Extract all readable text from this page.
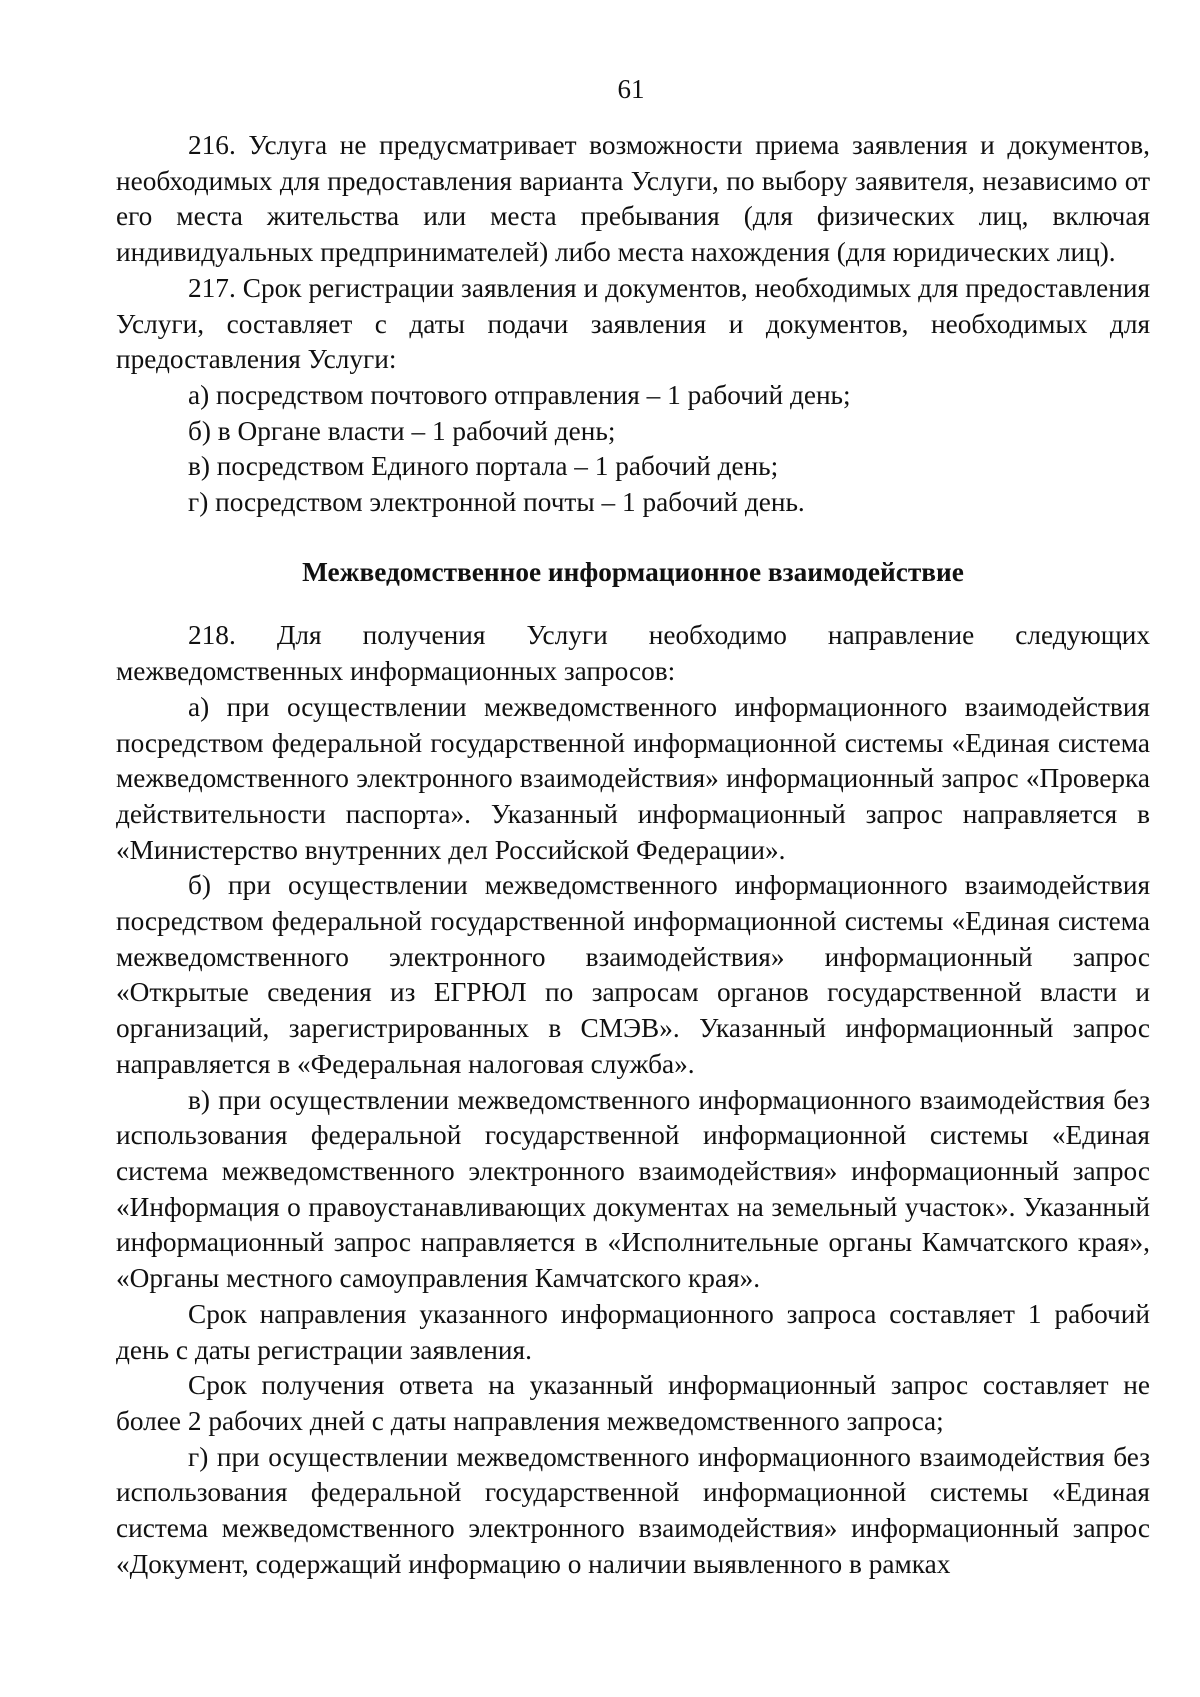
61

216. Услуга не предусматривает возможности приема заявления и документов, необходимых для предоставления варианта Услуги, по выбору заявителя, независимо от его места жительства или места пребывания (для физических лиц, включая индивидуальных предпринимателей) либо места нахождения (для юридических лиц).

217. Срок регистрации заявления и документов, необходимых для предоставления Услуги, составляет с даты подачи заявления и документов, необходимых для предоставления Услуги:

а) посредством почтового отправления – 1 рабочий день;

б) в Органе власти – 1 рабочий день;

в) посредством Единого портала – 1 рабочий день;

г) посредством электронной почты – 1 рабочий день.

Межведомственное информационное взаимодействие

218. Для получения Услуги необходимо направление следующих межведомственных информационных запросов:

а) при осуществлении межведомственного информационного взаимодействия посредством федеральной государственной информационной системы «Единая система межведомственного электронного взаимодействия» информационный запрос «Проверка действительности паспорта». Указанный информационный запрос направляется в «Министерство внутренних дел Российской Федерации».

б) при осуществлении межведомственного информационного взаимодействия посредством федеральной государственной информационной системы «Единая система межведомственного электронного взаимодействия» информационный запрос «Открытые сведения из ЕГРЮЛ по запросам органов государственной власти и организаций, зарегистрированных в СМЭВ». Указанный информационный запрос направляется в «Федеральная налоговая служба».

в) при осуществлении межведомственного информационного взаимодействия без использования федеральной государственной информационной системы «Единая система межведомственного электронного взаимодействия» информационный запрос «Информация о правоустанавливающих документах на земельный участок». Указанный информационный запрос направляется в «Исполнительные органы Камчатского края», «Органы местного самоуправления Камчатского края».

Срок направления указанного информационного запроса составляет 1 рабочий день с даты регистрации заявления.

Срок получения ответа на указанный информационный запрос составляет не более 2 рабочих дней с даты направления межведомственного запроса;

г) при осуществлении межведомственного информационного взаимодействия без использования федеральной государственной информационной системы «Единая система межведомственного электронного взаимодействия» информационный запрос «Документ, содержащий информацию о наличии выявленного в рамках
